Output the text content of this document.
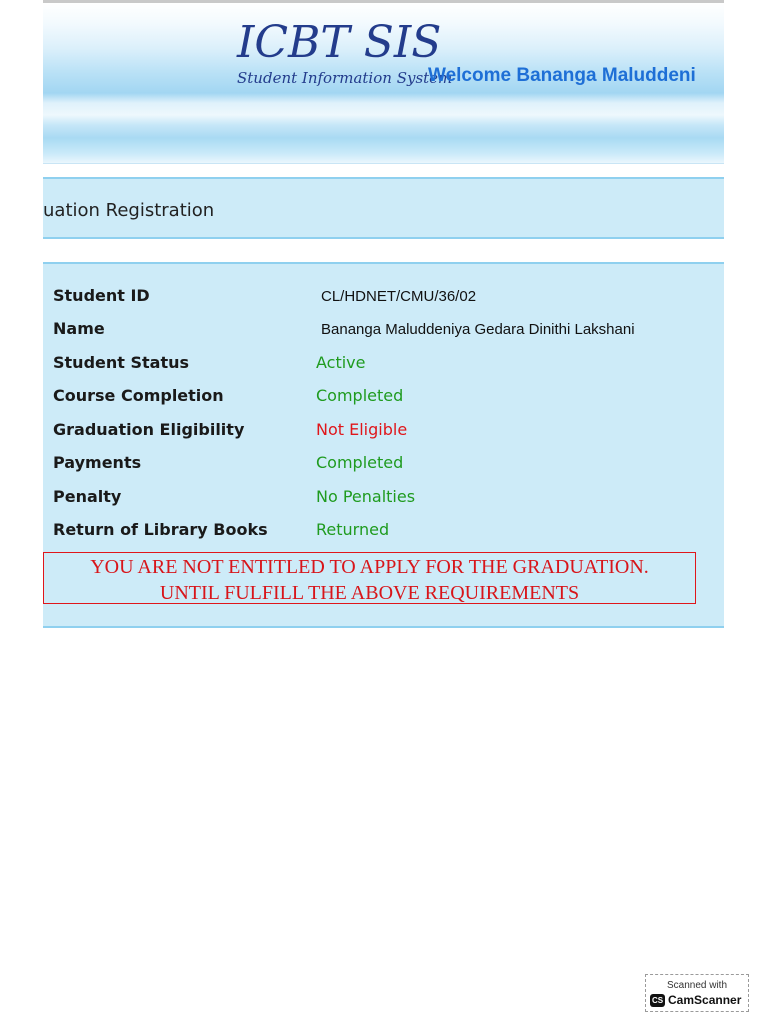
ICBT SIS
Student Information System
Welcome Bananga Maluddeni
uation Registration
Student ID	CL/HDNET/CMU/36/02
Name	Bananga Maluddeniya Gedara Dinithi Lakshani
Student Status	Active
Course Completion	Completed
Graduation Eligibility	Not Eligible
Payments	Completed
Penalty	No Penalties
Return of Library Books	Returned
YOU ARE NOT ENTITLED TO APPLY FOR THE GRADUATION.
UNTIL FULFILL THE ABOVE REQUIREMENTS
Scanned with
CS CamScanner
